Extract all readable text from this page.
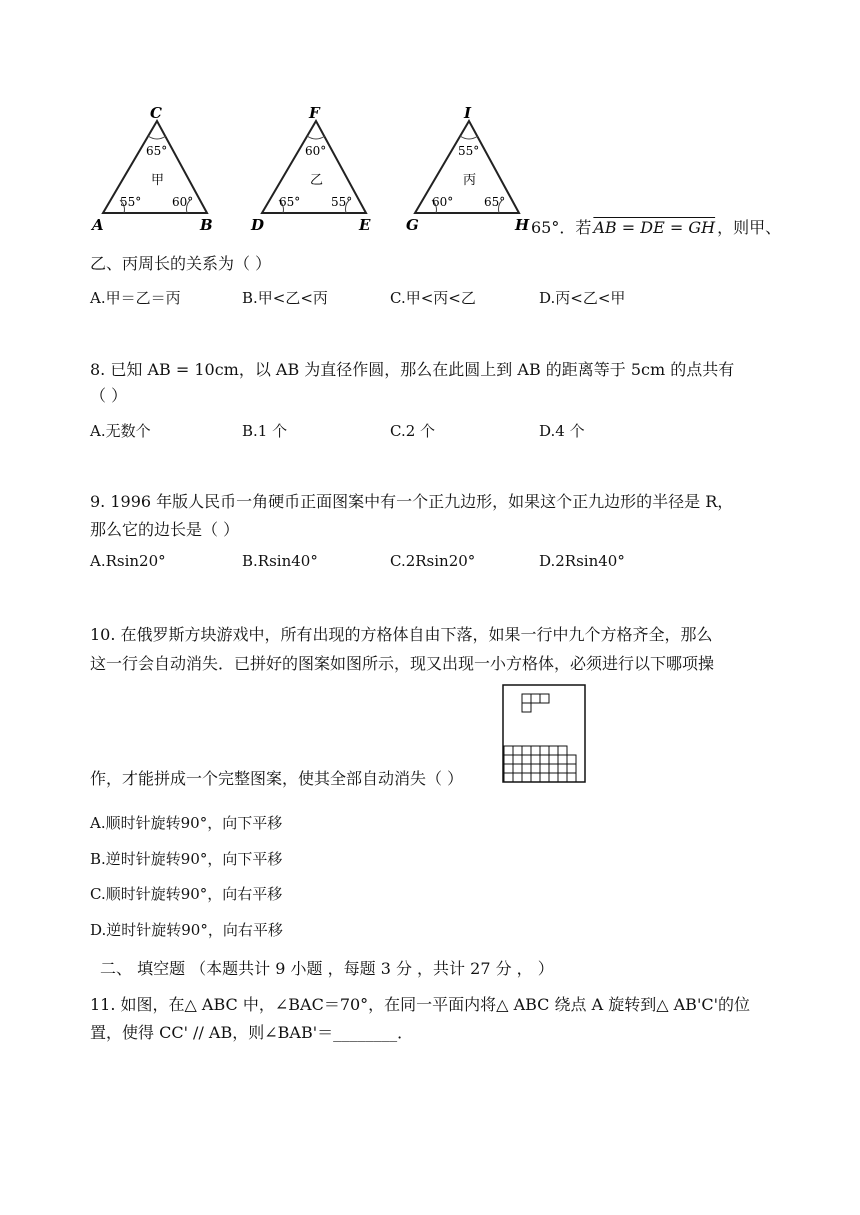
C
A	B
65°
55°	60°
甲
F
D	E
60°
65°	55°
乙
I
G	H
55°
60°	65°
丙
65°．若 AB = DE = GH ，则甲、
乙、丙周长的关系为（ ）
A.甲＝乙＝丙	B.甲<乙<丙	C.甲<丙<乙	D.丙<乙<甲
8. 已知 AB = 10cm，以 AB 为直径作圆，那么在此圆上到 AB 的距离等于 5cm 的点共有
（ ）
A.无数个	B.1 个	C.2 个	D.4 个
9. 1996 年版人民币一角硬币正面图案中有一个正九边形，如果这个正九边形的半径是 R，
那么它的边长是（ ）
A.Rsin20°	B.Rsin40°	C.2Rsin20°	D.2Rsin40°
10. 在俄罗斯方块游戏中，所有出现的方格体自由下落，如果一行中九个方格齐全，那么
这一行会自动消失．已拼好的图案如图所示，现又出现一小方格体，必须进行以下哪项操
作，才能拼成一个完整图案，使其全部自动消失（ ）
A.顺时针旋转90°，向下平移
B.逆时针旋转90°，向下平移
C.顺时针旋转90°，向右平移
D.逆时针旋转90°，向右平移
二、 填空题 （本题共计 9 小题 ，每题 3 分 ，共计 27 分 ， ）
11. 如图，在△ ABC 中，∠BAC＝70°，在同一平面内将△ ABC 绕点 A 旋转到△ AB'C'的位
置，使得 CC' // AB，则∠BAB'＝________．
